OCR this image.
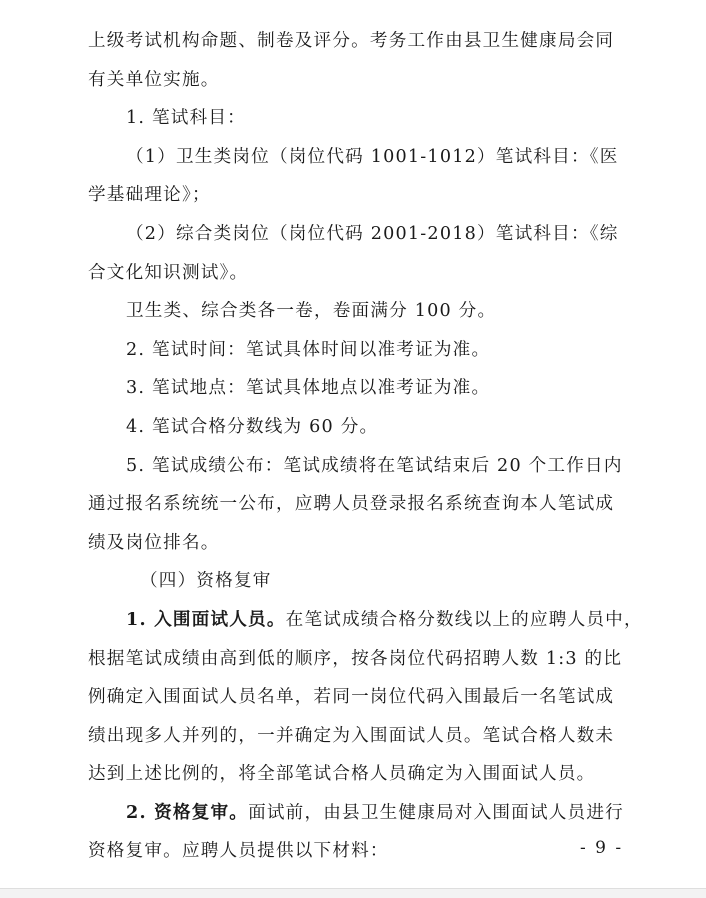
上级考试机构命题、制卷及评分。考务工作由县卫生健康局会同
有关单位实施。
1. 笔试科目：
（1）卫生类岗位（岗位代码 1001-1012）笔试科目：《医
学基础理论》；
（2）综合类岗位（岗位代码 2001-2018）笔试科目：《综
合文化知识测试》。
卫生类、综合类各一卷，卷面满分 100 分。
2. 笔试时间：笔试具体时间以准考证为准。
3. 笔试地点：笔试具体地点以准考证为准。
4. 笔试合格分数线为 60 分。
5. 笔试成绩公布：笔试成绩将在笔试结束后 20 个工作日内
通过报名系统统一公布，应聘人员登录报名系统查询本人笔试成
绩及岗位排名。
（四）资格复审
1. 入围面试人员。在笔试成绩合格分数线以上的应聘人员中，
根据笔试成绩由高到低的顺序，按各岗位代码招聘人数 1:3 的比
例确定入围面试人员名单，若同一岗位代码入围最后一名笔试成
绩出现多人并列的，一并确定为入围面试人员。笔试合格人数未
达到上述比例的，将全部笔试合格人员确定为入围面试人员。
2. 资格复审。面试前，由县卫生健康局对入围面试人员进行
资格复审。应聘人员提供以下材料：	- 9 -
